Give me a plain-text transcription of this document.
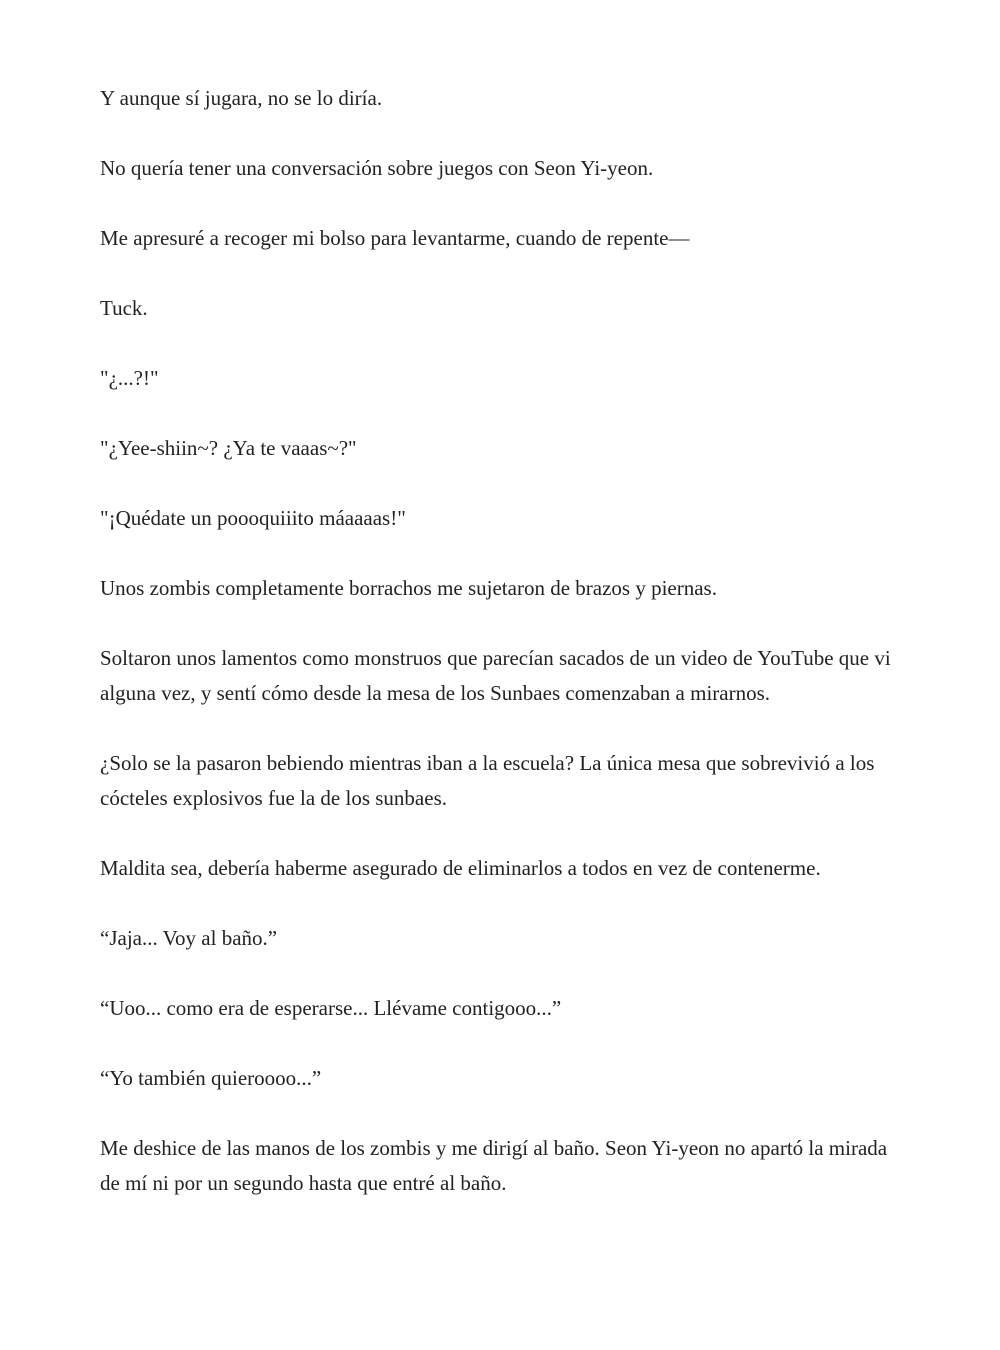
Y aunque sí jugara, no se lo diría.

No quería tener una conversación sobre juegos con Seon Yi-yeon.

Me apresuré a recoger mi bolso para levantarme, cuando de repente—

Tuck.

"¿...?!"

"¿Yee-shiin~? ¿Ya te vaaas~?"

"¡Quédate un poooquiiito máaaaas!"

Unos zombis completamente borrachos me sujetaron de brazos y piernas.

Soltaron unos lamentos como monstruos que parecían sacados de un video de YouTube que vi alguna vez, y sentí cómo desde la mesa de los Sunbaes comenzaban a mirarnos.

¿Solo se la pasaron bebiendo mientras iban a la escuela? La única mesa que sobrevivió a los cócteles explosivos fue la de los sunbaes.

Maldita sea, debería haberme asegurado de eliminarlos a todos en vez de contenerme.

“Jaja... Voy al baño.”

“Uoo... como era de esperarse... Llévame contigooo...”

“Yo también quieroooo...”

Me deshice de las manos de los zombis y me dirigí al baño. Seon Yi-yeon no apartó la mirada de mí ni por un segundo hasta que entré al baño.
